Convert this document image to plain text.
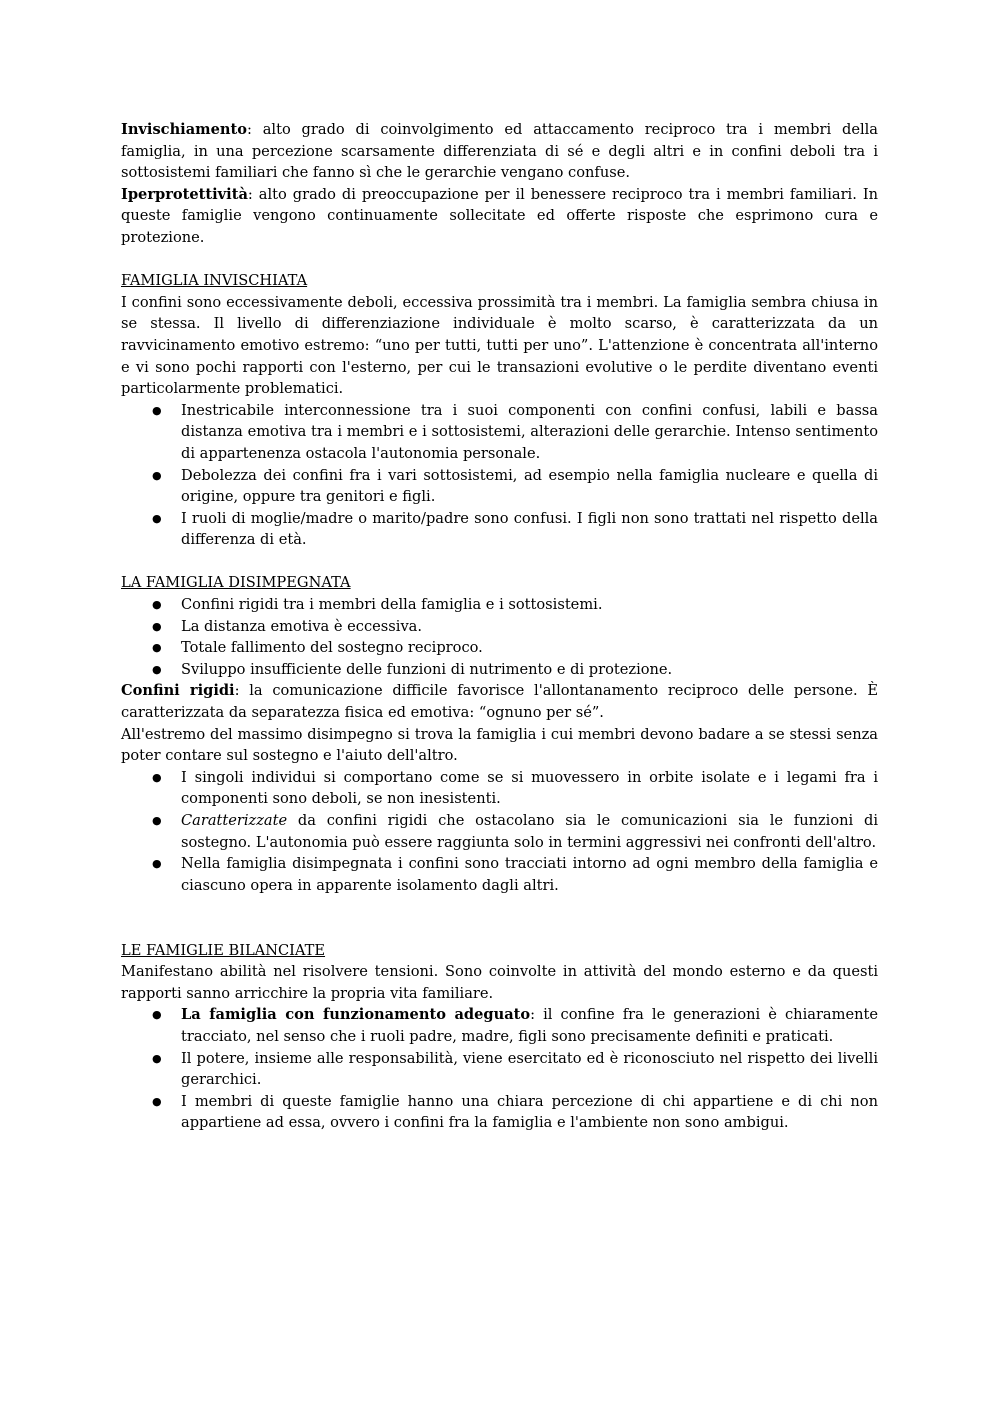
Invischiamento: alto grado di coinvolgimento ed attaccamento reciproco tra i membri della famiglia, in una percezione scarsamente differenziata di sé e degli altri e in confini deboli tra i sottosistemi familiari che fanno sì che le gerarchie vengano confuse.

Iperprotettività: alto grado di preoccupazione per il benessere reciproco tra i membri familiari. In queste famiglie vengono continuamente sollecitate ed offerte risposte che esprimono cura e protezione.

FAMIGLIA INVISCHIATA

I confini sono eccessivamente deboli, eccessiva prossimità tra i membri. La famiglia sembra chiusa in se stessa. Il livello di differenziazione individuale è molto scarso, è caratterizzata da un ravvicinamento emotivo estremo: “uno per tutti, tutti per uno”. L'attenzione è concentrata all'interno e vi sono pochi rapporti con l'esterno, per cui le transazioni evolutive o le perdite diventano eventi particolarmente problematici.

● Inestricabile interconnessione tra i suoi componenti con confini confusi, labili e bassa distanza emotiva tra i membri e i sottosistemi, alterazioni delle gerarchie. Intenso sentimento di appartenenza ostacola l'autonomia personale.
● Debolezza dei confini fra i vari sottosistemi, ad esempio nella famiglia nucleare e quella di origine, oppure tra genitori e figli.
● I ruoli di moglie/madre o marito/padre sono confusi. I figli non sono trattati nel rispetto della differenza di età.

LA FAMIGLIA DISIMPEGNATA

● Confini rigidi tra i membri della famiglia e i sottosistemi.
● La distanza emotiva è eccessiva.
● Totale fallimento del sostegno reciproco.
● Sviluppo insufficiente delle funzioni di nutrimento e di protezione.

Confini rigidi: la comunicazione difficile favorisce l'allontanamento reciproco delle persone. È caratterizzata da separatezza fisica ed emotiva: “ognuno per sé”.

All'estremo del massimo disimpegno si trova la famiglia i cui membri devono badare a se stessi senza poter contare sul sostegno e l'aiuto dell'altro.

● I singoli individui si comportano come se si muovessero in orbite isolate e i legami fra i componenti sono deboli, se non inesistenti.
● Caratterizzate da confini rigidi che ostacolano sia le comunicazioni sia le funzioni di sostegno. L'autonomia può essere raggiunta solo in termini aggressivi nei confronti dell'altro.
● Nella famiglia disimpegnata i confini sono tracciati intorno ad ogni membro della famiglia e ciascuno opera in apparente isolamento dagli altri.

LE FAMIGLIE BILANCIATE

Manifestano abilità nel risolvere tensioni. Sono coinvolte in attività del mondo esterno e da questi rapporti sanno arricchire la propria vita familiare.

● La famiglia con funzionamento adeguato: il confine fra le generazioni è chiaramente tracciato, nel senso che i ruoli padre, madre, figli sono precisamente definiti e praticati.
● Il potere, insieme alle responsabilità, viene esercitato ed è riconosciuto nel rispetto dei livelli gerarchici.
● I membri di queste famiglie hanno una chiara percezione di chi appartiene e di chi non appartiene ad essa, ovvero i confini fra la famiglia e l'ambiente non sono ambigui.
